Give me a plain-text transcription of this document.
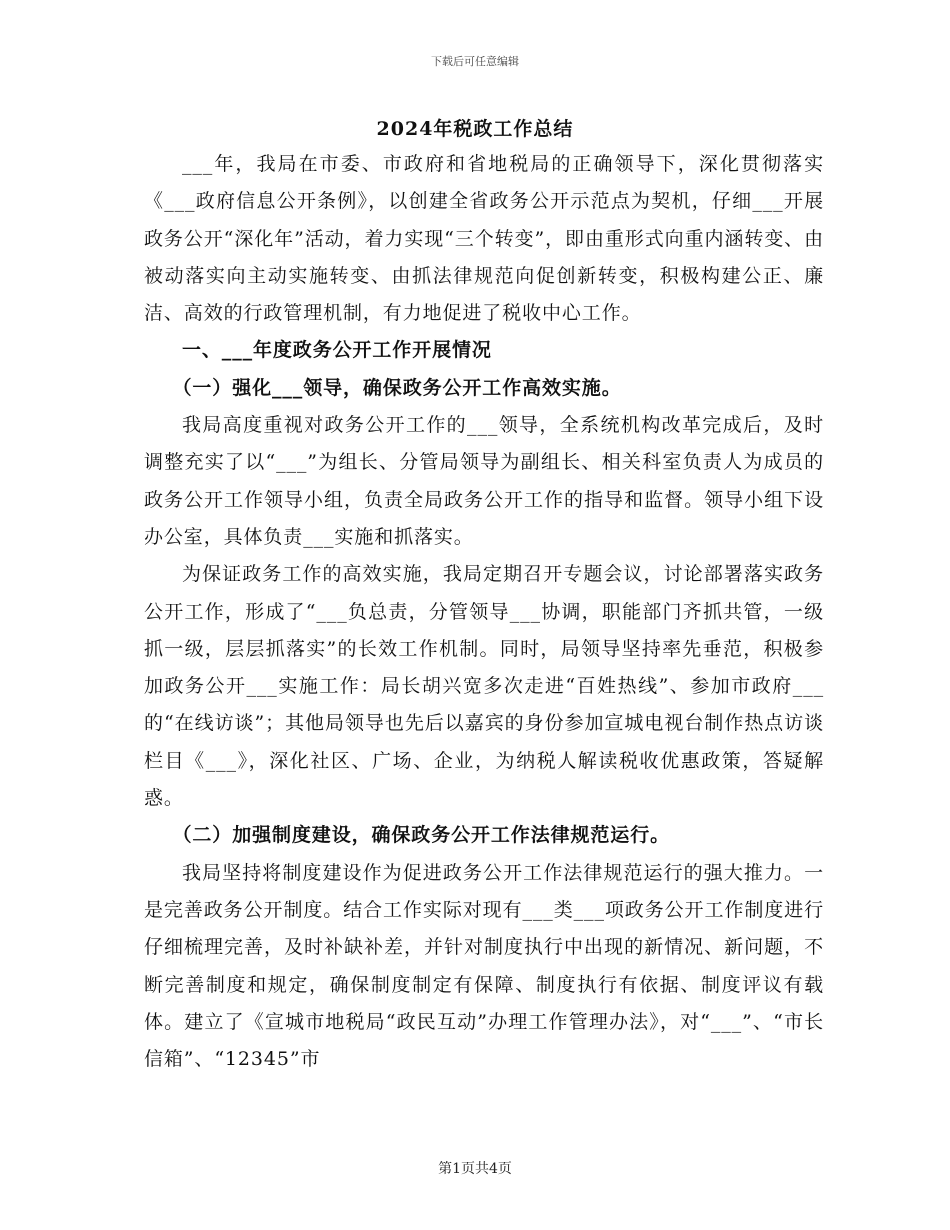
下载后可任意编辑
2024年税政工作总结

___年，我局在市委、市政府和省地税局的正确领导下，深化贯彻落实《___政府信息公开条例》，以创建全省政务公开示范点为契机，仔细___开展政务公开“深化年”活动，着力实现“三个转变”，即由重形式向重内涵转变、由被动落实向主动实施转变、由抓法律规范向促创新转变，积极构建公正、廉洁、高效的行政管理机制，有力地促进了税收中心工作。

一、___年度政务公开工作开展情况

（一）强化___领导，确保政务公开工作高效实施。

我局高度重视对政务公开工作的___领导，全系统机构改革完成后，及时调整充实了以“___”为组长、分管局领导为副组长、相关科室负责人为成员的政务公开工作领导小组，负责全局政务公开工作的指导和监督。领导小组下设办公室，具体负责___实施和抓落实。

为保证政务工作的高效实施，我局定期召开专题会议，讨论部署落实政务公开工作，形成了“___负总责，分管领导___协调，职能部门齐抓共管，一级抓一级，层层抓落实”的长效工作机制。同时，局领导坚持率先垂范，积极参加政务公开___实施工作：局长胡兴宽多次走进“百姓热线”、参加市政府___的“在线访谈”；其他局领导也先后以嘉宾的身份参加宣城电视台制作热点访谈栏目《___》，深化社区、广场、企业，为纳税人解读税收优惠政策，答疑解惑。

（二）加强制度建设，确保政务公开工作法律规范运行。

我局坚持将制度建设作为促进政务公开工作法律规范运行的强大推力。一是完善政务公开制度。结合工作实际对现有___类___项政务公开工作制度进行仔细梳理完善，及时补缺补差，并针对制度执行中出现的新情况、新问题，不断完善制度和规定，确保制度制定有保障、制度执行有依据、制度评议有载体。建立了《宣城市地税局“政民互动”办理工作管理办法》，对“___”、“市长信箱”、“12345”市

第1页共4页
